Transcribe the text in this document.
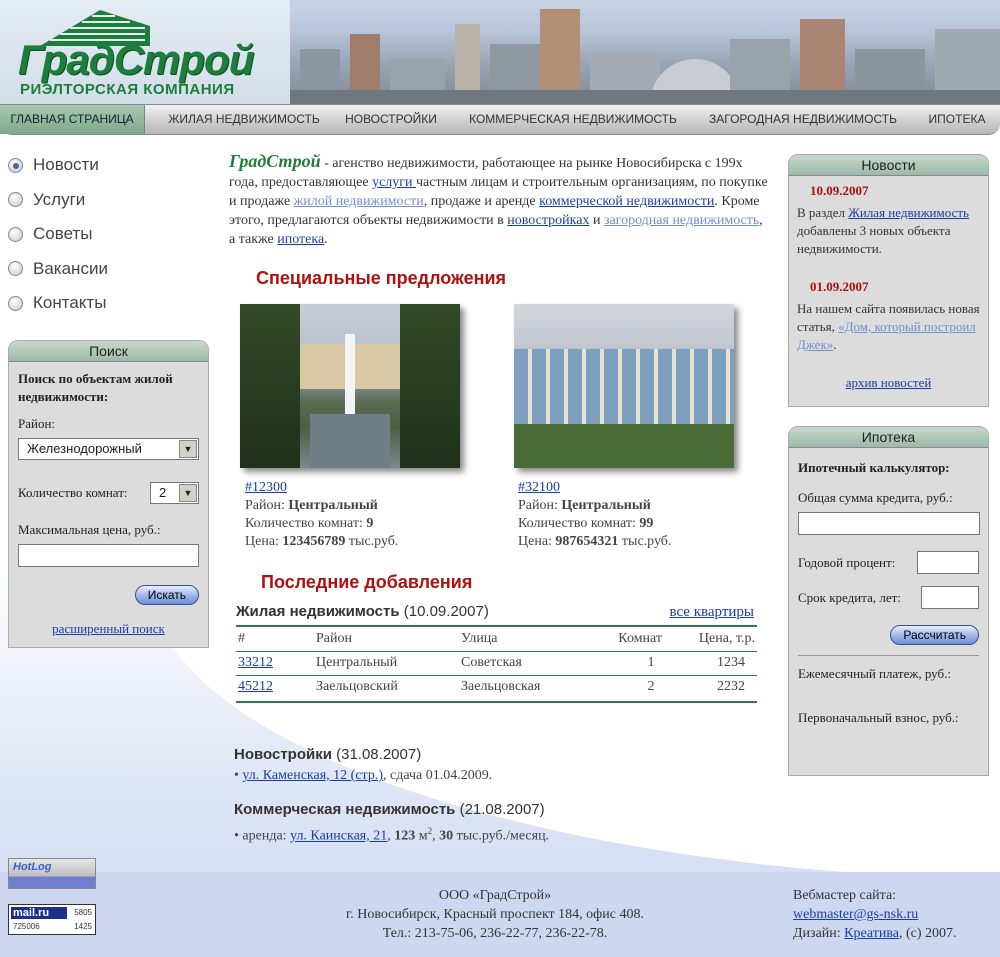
ГрадСтрой
РИЭЛТОРСКАЯ КОМПАНИЯ
ГЛАВНАЯ СТРАНИЦА	ЖИЛАЯ НЕДВИЖИМОСТЬ	НОВОСТРОЙКИ	КОММЕРЧЕСКАЯ НЕДВИЖИМОСТЬ	ЗАГОРОДНАЯ НЕДВИЖИМОСТЬ	ИПОТЕКА
Новости
Услуги
Советы
Вакансии
Контакты
Поиск
Поиск по объектам жилой недвижимости:
Район:
Железнодорожный	▼
Количество комнат:	2	▼
Максимальная цена, руб.:
Искать
расширенный поиск
ГрадСтрой - агенство недвижимости, работающее на рынке Новосибирска с 199х года, предоставляющее услуги частным лицам и строительным организациям, по покупке и продаже жилой недвижимости, продаже и аренде коммерческой недвижимости. Кроме этого, предлагаются объекты недвижимости в новостройках и загородная недвижимость, а также ипотека.
Специальные предложения
#12300
Район: Центральный
Количество комнат: 9
Цена: 123456789 тыс.руб.
#32100
Район: Центральный
Количество комнат: 99
Цена: 987654321 тыс.руб.
Последние добавления
Жилая недвижимость (10.09.2007)	все квартиры
#	Район	Улица	Комнат	Цена, т.р.
33212	Центральный	Советская	1	1234
45212	Заельцовский	Заельцовская	2	2232
Новостройки (31.08.2007)
• ул. Каменская, 12 (стр.), сдача 01.04.2009.
Коммерческая недвижимость (21.08.2007)
• аренда: ул. Каинская, 21, 123 $м^2$, 30 тыс.руб./месяц.
Новости
10.09.2007
В раздел Жилая недвижимость добавлены 3 новых объекта недвижимости.
01.09.2007
На нашем сайта появилась новая статья, «Дом, который построил Джек».
архив новостей
Ипотека
Ипотечный калькулятор:
Общая сумма кредита, руб.:
Годовой процент:
Срок кредита, лет:
Рассчитать
Ежемесячный платеж, руб.:
Первоначальный взнос, руб.:
HotLog
mail.ru	5805
725006	1425
ООО «ГрадСтрой»
г. Новосибирск, Красный проспект 184, офис 408.
Тел.: 213-75-06, 236-22-77, 236-22-78.
Вебмастер сайта:
webmaster@gs-nsk.ru
Дизайн: Креатива, (с) 2007.
